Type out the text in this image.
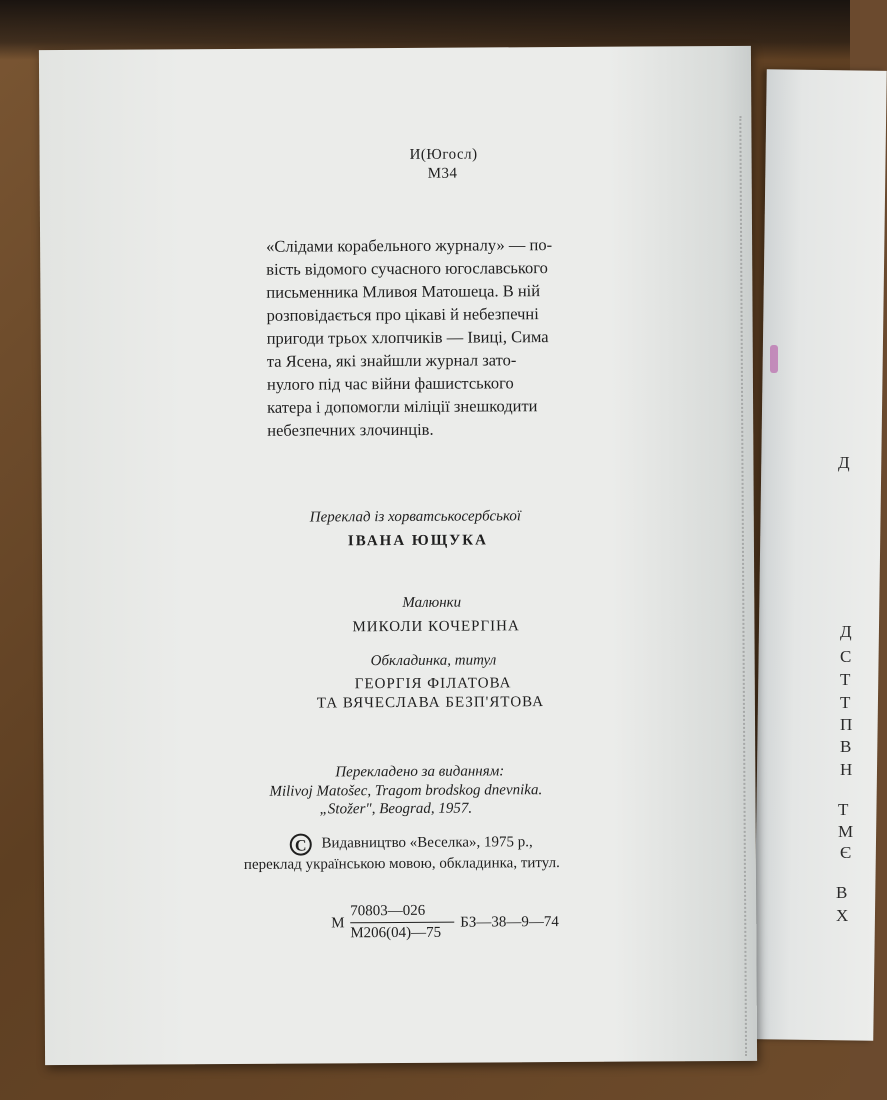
Д
Д
С
Т
Т
П
В
Н
Т
М
Є
В
Х
И(Югосл)
М34
«Слідами корабельного журналу» — по-
вість відомого сучасного югославського
письменника Мливоя Матошеца. В ній
розповідається про цікаві й небезпечні
пригоди трьох хлопчиків — Івиці, Сима
та Ясена, які знайшли журнал зато-
нулого під час війни фашистського
катера і допомогли міліції знешкодити
небезпечних злочинців.
Переклад із хорватськосербської
ІВАНА ЮЩУКА
Малюнки
МИКОЛИ КОЧЕРГІНА
Обкладинка, титул
ГЕОРГІЯ ФІЛАТОВА
ТА ВЯЧЕСЛАВА БЕЗП'ЯТОВА
Перекладено за виданням:
Milivoj Matošec, Tragom brodskog dnevnika.
„Stožer", Beograd, 1957.
C Видавництво «Веселка», 1975 р.,
переклад українською мовою, обкладинка, титул.
М
70803—026
М206(04)—75
БЗ—38—9—74
